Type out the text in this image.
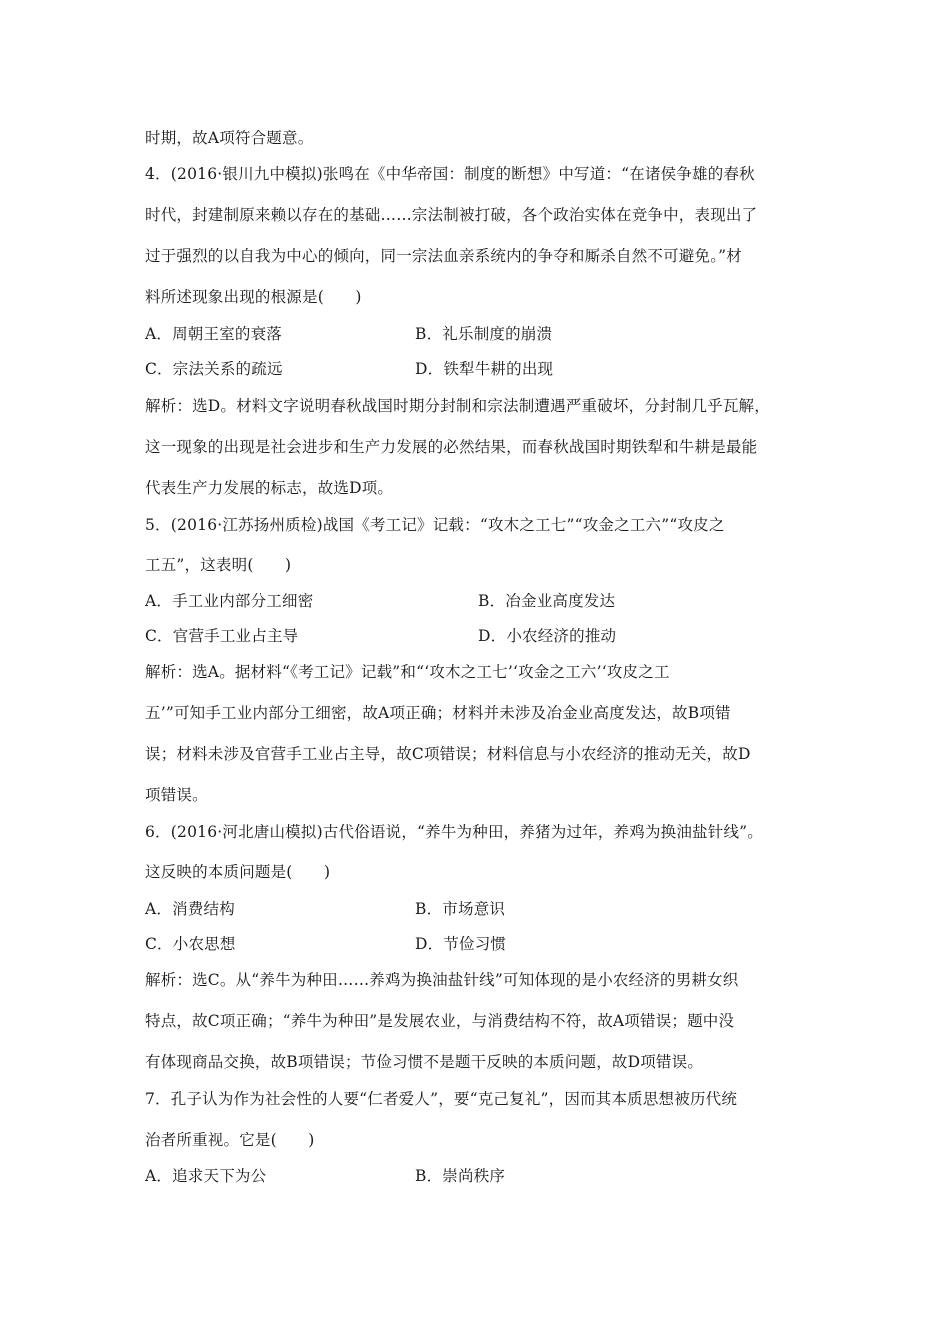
时期，故A项符合题意。
4．(2016·银川九中模拟)张鸣在《中华帝国：制度的断想》中写道：“在诸侯争雄的春秋
时代，封建制原来赖以存在的基础……宗法制被打破，各个政治实体在竞争中，表现出了
过于强烈的以自我为中心的倾向，同一宗法血亲系统内的争夺和厮杀自然不可避免。”材
料所述现象出现的根源是(　　)
A．周朝王室的衰落	B．礼乐制度的崩溃
C．宗法关系的疏远	D．铁犁牛耕的出现
解析：选D。材料文字说明春秋战国时期分封制和宗法制遭遇严重破坏，分封制几乎瓦解，
这一现象的出现是社会进步和生产力发展的必然结果，而春秋战国时期铁犁和牛耕是最能
代表生产力发展的标志，故选D项。
5．(2016·江苏扬州质检)战国《考工记》记载：“攻木之工七”“攻金之工六”“攻皮之
工五”，这表明(　　)
A．手工业内部分工细密	B．冶金业高度发达
C．官营手工业占主导	D．小农经济的推动
解析：选A。据材料“《考工记》记载”和“‘攻木之工七’‘攻金之工六’‘攻皮之工
五’”可知手工业内部分工细密，故A项正确；材料并未涉及冶金业高度发达，故B项错
误；材料未涉及官营手工业占主导，故C项错误；材料信息与小农经济的推动无关，故D
项错误。
6．(2016·河北唐山模拟)古代俗语说，“养牛为种田，养猪为过年，养鸡为换油盐针线”。
这反映的本质问题是(　　)
A．消费结构	B．市场意识
C．小农思想	D．节俭习惯
解析：选C。从“养牛为种田……养鸡为换油盐针线”可知体现的是小农经济的男耕女织
特点，故C项正确；“养牛为种田”是发展农业，与消费结构不符，故A项错误；题中没
有体现商品交换，故B项错误；节俭习惯不是题干反映的本质问题，故D项错误。
7．孔子认为作为社会性的人要“仁者爱人”，要“克己复礼”，因而其本质思想被历代统
治者所重视。它是(　　)
A．追求天下为公	B．崇尚秩序
